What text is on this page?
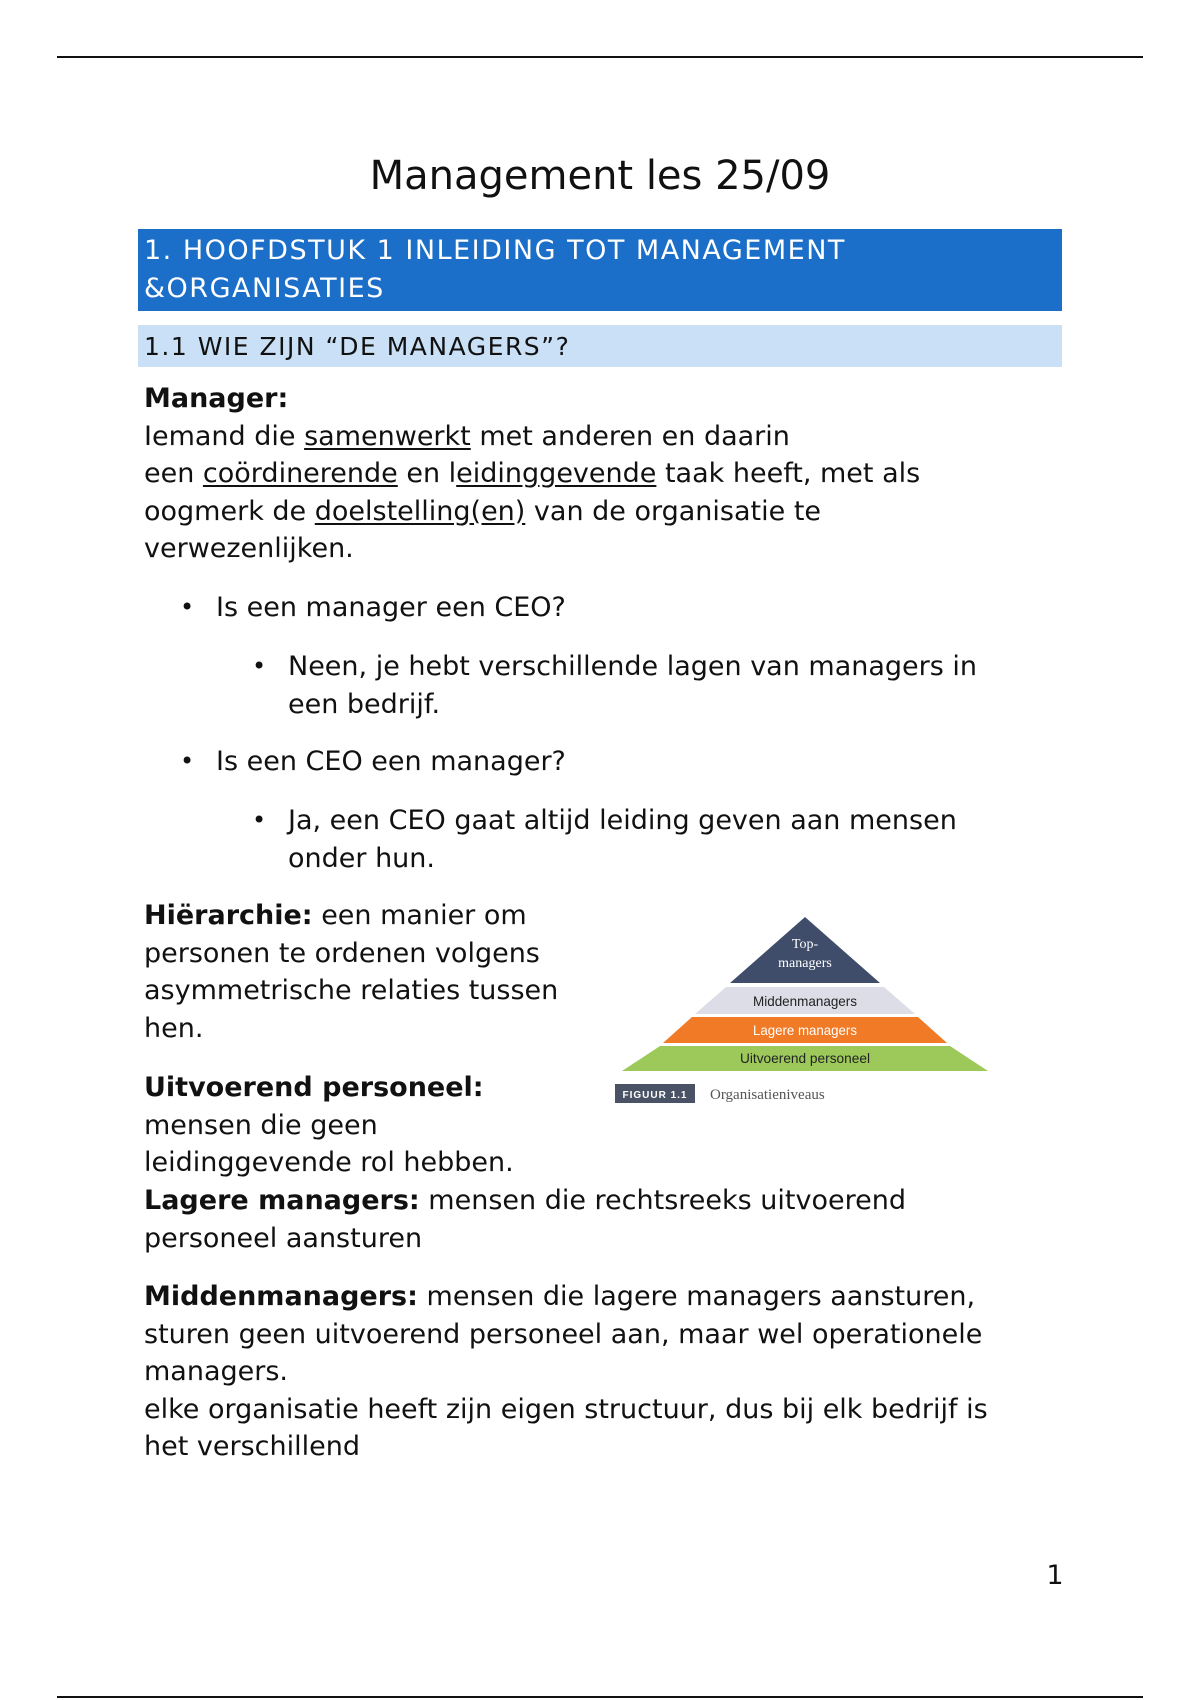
Management les 25/09
1. HOOFDSTUK 1 INLEIDING TOT MANAGEMENT
&ORGANISATIES
1.1 WIE ZIJN “DE MANAGERS”?
Manager:
Iemand die samenwerkt met anderen en daarin
een coördinerende en leidinggevende taak heeft, met als
oogmerk de doelstelling(en) van de organisatie te
verwezenlijken.
• Is een manager een CEO?
• Neen, je hebt verschillende lagen van managers in
een bedrijf.
• Is een CEO een manager?
• Ja, een CEO gaat altijd leiding geven aan mensen
onder hun.
Hiërarchie: een manier om
personen te ordenen volgens
asymmetrische relaties tussen
hen.
Uitvoerend personeel:
mensen die geen
leidinggevende rol hebben.
Lagere managers: mensen die rechtsreeks uitvoerend
personeel aansturen
Middenmanagers: mensen die lagere managers aansturen,
sturen geen uitvoerend personeel aan, maar wel operationele
managers.
elke organisatie heeft zijn eigen structuur, dus bij elk bedrijf is
het verschillend
Top-
managers
Middenmanagers
Lagere managers
Uitvoerend personeel
FIGUUR 1.1 Organisatieniveaus
1
